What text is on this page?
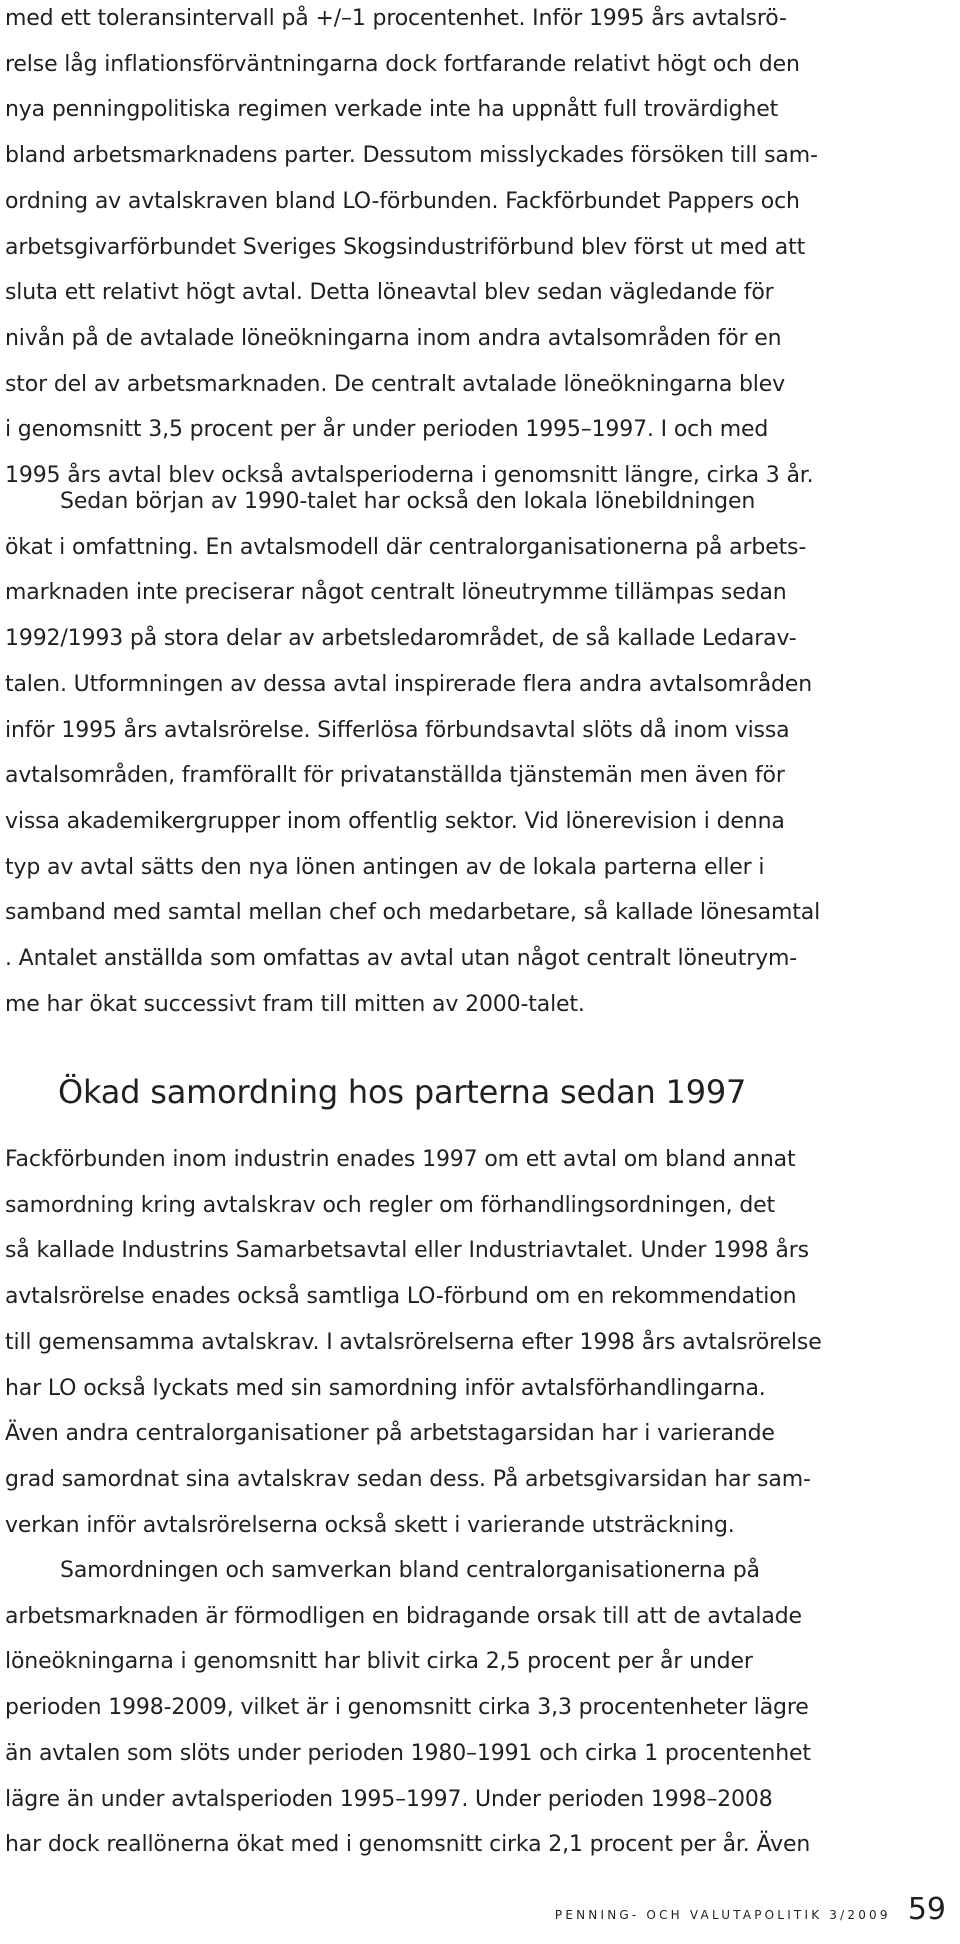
med ett toleransintervall på +/–1 procentenhet. Inför 1995 års avtalsrö-
relse låg inflationsförväntningarna dock fortfarande relativt högt och den
nya penningpolitiska regimen verkade inte ha uppnått full trovärdighet
bland arbetsmarknadens parter. Dessutom misslyckades försöken till sam-
ordning av avtalskraven bland LO-förbunden. Fackförbundet Pappers och
arbetsgivarförbundet Sveriges Skogsindustriförbund blev först ut med att
sluta ett relativt högt avtal. Detta löneavtal blev sedan vägledande för
nivån på de avtalade löneökningarna inom andra avtalsområden för en
stor del av arbetsmarknaden. De centralt avtalade löneökningarna blev
i genomsnitt 3,5 procent per år under perioden 1995–1997. I och med
1995 års avtal blev också avtalsperioderna i genomsnitt längre, cirka 3 år.

Sedan början av 1990-talet har också den lokala lönebildningen
ökat i omfattning. En avtalsmodell där centralorganisationerna på arbets-
marknaden inte preciserar något centralt löneutrymme tillämpas sedan
1992/1993 på stora delar av arbetsledarområdet, de så kallade Ledarav-
talen. Utformningen av dessa avtal inspirerade flera andra avtalsområden
inför 1995 års avtalsrörelse. Sifferlösa förbundsavtal slöts då inom vissa
avtalsområden, framförallt för privatanställda tjänstemän men även för
vissa akademikergrupper inom offentlig sektor. Vid lönerevision i denna
typ av avtal sätts den nya lönen antingen av de lokala parterna eller i
samband med samtal mellan chef och medarbetare, så kallade lönesamtal
. Antalet anställda som omfattas av avtal utan något centralt löneutrym-
me har ökat successivt fram till mitten av 2000-talet.

Ökad samordning hos parterna sedan 1997

Fackförbunden inom industrin enades 1997 om ett avtal om bland annat
samordning kring avtalskrav och regler om förhandlingsordningen, det
så kallade Industrins Samarbetsavtal eller Industriavtalet. Under 1998 års
avtalsrörelse enades också samtliga LO-förbund om en rekommendation
till gemensamma avtalskrav. I avtalsrörelserna efter 1998 års avtalsrörelse
har LO också lyckats med sin samordning inför avtalsförhandlingarna.
Även andra centralorganisationer på arbetstagarsidan har i varierande
grad samordnat sina avtalskrav sedan dess. På arbetsgivarsidan har sam-
verkan inför avtalsrörelserna också skett i varierande utsträckning.

Samordningen och samverkan bland centralorganisationerna på
arbetsmarknaden är förmodligen en bidragande orsak till att de avtalade
löneökningarna i genomsnitt har blivit cirka 2,5 procent per år under
perioden 1998-2009, vilket är i genomsnitt cirka 3,3 procentenheter lägre
än avtalen som slöts under perioden 1980–1991 och cirka 1 procentenhet
lägre än under avtalsperioden 1995–1997. Under perioden 1998–2008
har dock reallönerna ökat med i genomsnitt cirka 2,1 procent per år. Även

PENNING- OCH VALUTAPOLITIK 3/2009 59
